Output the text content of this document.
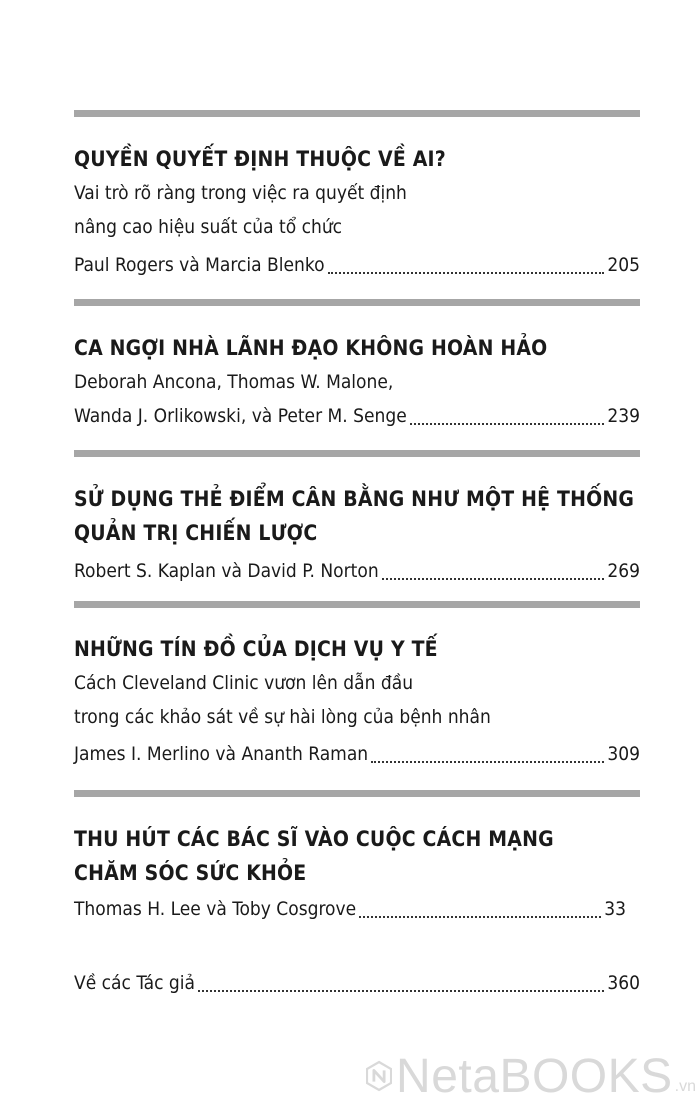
QUYỀN QUYẾT ĐỊNH THUỘC VỀ AI?
Vai trò rõ ràng trong việc ra quyết định
nâng cao hiệu suất của tổ chức
Paul Rogers và Marcia Blenko	205
CA NGỢI NHÀ LÃNH ĐẠO KHÔNG HOÀN HẢO
Deborah Ancona, Thomas W. Malone,
Wanda J. Orlikowski, và Peter M. Senge	239
SỬ DỤNG THẺ ĐIỂM CÂN BẰNG NHƯ MỘT HỆ THỐNG
QUẢN TRỊ CHIẾN LƯỢC
Robert S. Kaplan và David P. Norton	269
NHỮNG TÍN ĐỒ CỦA DỊCH VỤ Y TẾ
Cách Cleveland Clinic vươn lên dẫn đầu
trong các khảo sát về sự hài lòng của bệnh nhân
James I. Merlino và Ananth Raman	309
THU HÚT CÁC BÁC SĨ VÀO CUỘC CÁCH MẠNG
CHĂM SÓC SỨC KHỎE
Thomas H. Lee và Toby Cosgrove	33
Về các Tác giả	360
NetaBOOKS .vn
